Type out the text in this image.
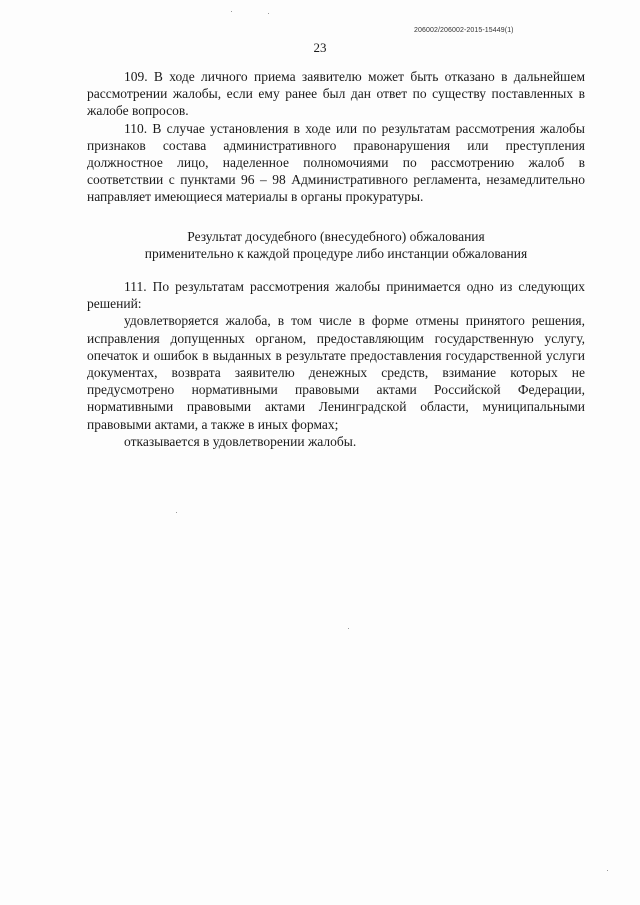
206002/206002-2015-15449(1)
23

109. В ходе личного приема заявителю может быть отказано в дальнейшем рассмотрении жалобы, если ему ранее был дан ответ по существу поставленных в жалобе вопросов.

110. В случае установления в ходе или по результатам рассмотрения жалобы признаков состава административного правонарушения или преступления должностное лицо, наделенное полномочиями по рассмотрению жалоб в соответствии с пунктами 96 – 98 Административного регламента, незамедлительно направляет имеющиеся материалы в органы прокуратуры.

Результат досудебного (внесудебного) обжалования
применительно к каждой процедуре либо инстанции обжалования

111. По результатам рассмотрения жалобы принимается одно из следующих решений:

удовлетворяется жалоба, в том числе в форме отмены принятого решения, исправления допущенных органом, предоставляющим государственную услугу, опечаток и ошибок в выданных в результате предоставления государственной услуги документах, возврата заявителю денежных средств, взимание которых не предусмотрено нормативными правовыми актами Российской Федерации, нормативными правовыми актами Ленинградской области, муниципальными правовыми актами, а также в иных формах;

отказывается в удовлетворении жалобы.
